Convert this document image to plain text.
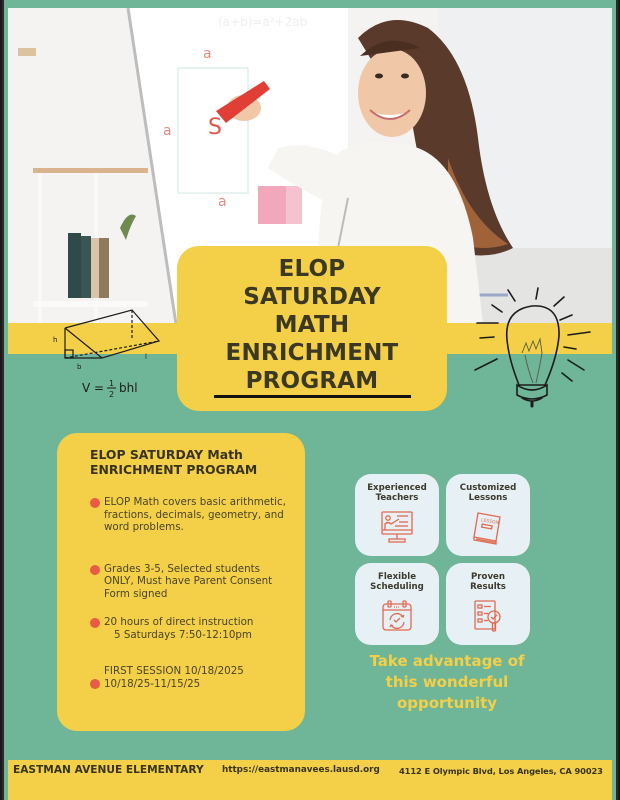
a
a S
a
(a+b)=a²+2ab
h
b
l
V = 1
2 bhl
ELOP
SATURDAY
MATH
ENRICHMENT
PROGRAM
ELOP SATURDAY Math
ENRICHMENT PROGRAM
ELOP Math covers basic arithmetic, fractions, decimals, geometry, and word problems.
Grades 3-5, Selected students ONLY, Must have Parent Consent Form signed
20 hours of direct instruction
5 Saturdays 7:50-12:10pm
FIRST SESSION 10/18/2025
10/18/25-11/15/25
Experienced
Teachers
Customized
Lessons
LESSON
Flexible
Scheduling
Proven
Results
Take advantage of
this wonderful
opportunity
EASTMAN AVENUE ELEMENTARY https://eastmanavees.lausd.org 4112 E Olympic Blvd, Los Angeles, CA 90023
